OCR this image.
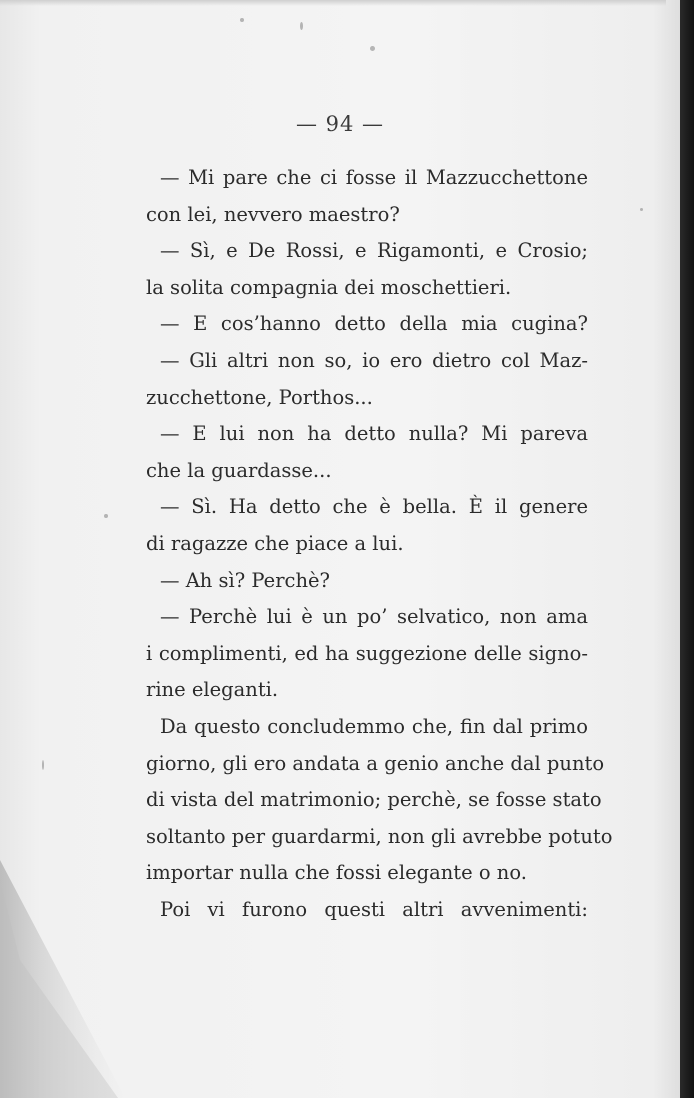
— 94 —
— Mi pare che ci fosse il Mazzucchettone
con lei, nevvero maestro?
— Sì, e De Rossi, e Rigamonti, e Crosio;
la solita compagnia dei moschettieri.
— E cos’hanno detto della mia cugina?
— Gli altri non so, io ero dietro col Maz-
zucchettone, Porthos...
— E lui non ha detto nulla? Mi pareva
che la guardasse...
— Sì. Ha detto che è bella. È il genere
di ragazze che piace a lui.
— Ah sì? Perchè?
— Perchè lui è un po’ selvatico, non ama
i complimenti, ed ha suggezione delle signo-
rine eleganti.
Da questo concludemmo che, fin dal primo
giorno, gli ero andata a genio anche dal punto
di vista del matrimonio; perchè, se fosse stato
soltanto per guardarmi, non gli avrebbe potuto
importar nulla che fossi elegante o no.
Poi vi furono questi altri avvenimenti:
